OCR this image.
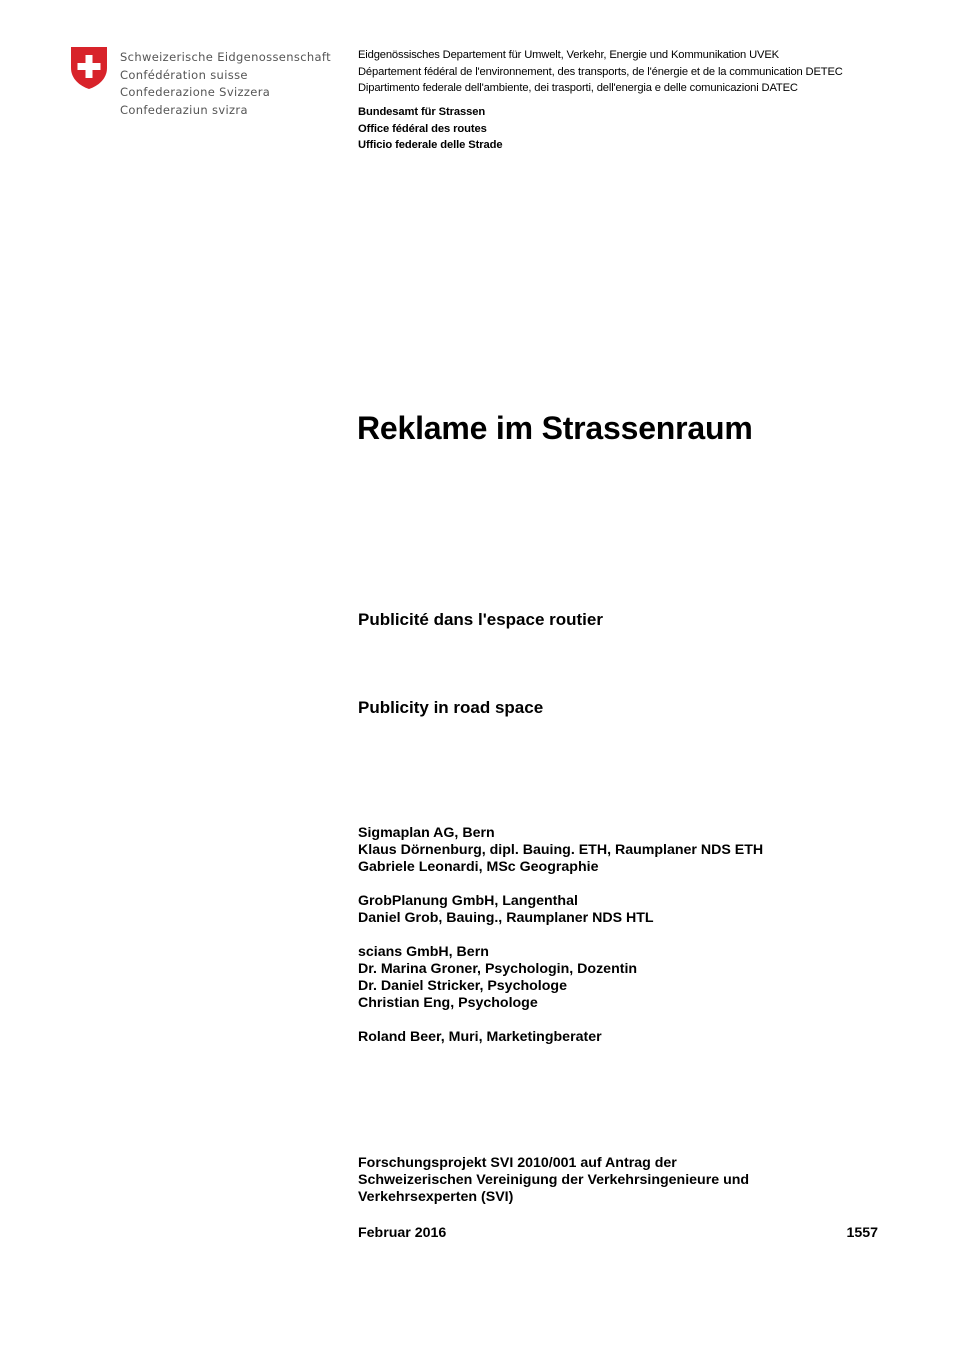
Schweizerische Eidgenossenschaft
Confédération suisse
Confederazione Svizzera
Confederaziun svizra
Eidgenössisches Departement für Umwelt, Verkehr, Energie und Kommunikation UVEK
Département fédéral de l'environnement, des transports, de l'énergie et de la communication DETEC
Dipartimento federale dell'ambiente, dei trasporti, dell'energia e delle comunicazioni DATEC
Bundesamt für Strassen
Office fédéral des routes
Ufficio federale delle Strade
Reklame im Strassenraum
Publicité dans l'espace routier
Publicity in road space
Sigmaplan AG, Bern
Klaus Dörnenburg, dipl. Bauing. ETH, Raumplaner NDS ETH
Gabriele Leonardi, MSc Geographie
GrobPlanung GmbH, Langenthal
Daniel Grob, Bauing., Raumplaner NDS HTL
scians GmbH, Bern
Dr. Marina Groner, Psychologin, Dozentin
Dr. Daniel Stricker, Psychologe
Christian Eng, Psychologe
Roland Beer, Muri, Marketingberater
Forschungsprojekt SVI 2010/001 auf Antrag der
Schweizerischen Vereinigung der Verkehrsingenieure und
Verkehrsexperten (SVI)
Februar 2016	1557
